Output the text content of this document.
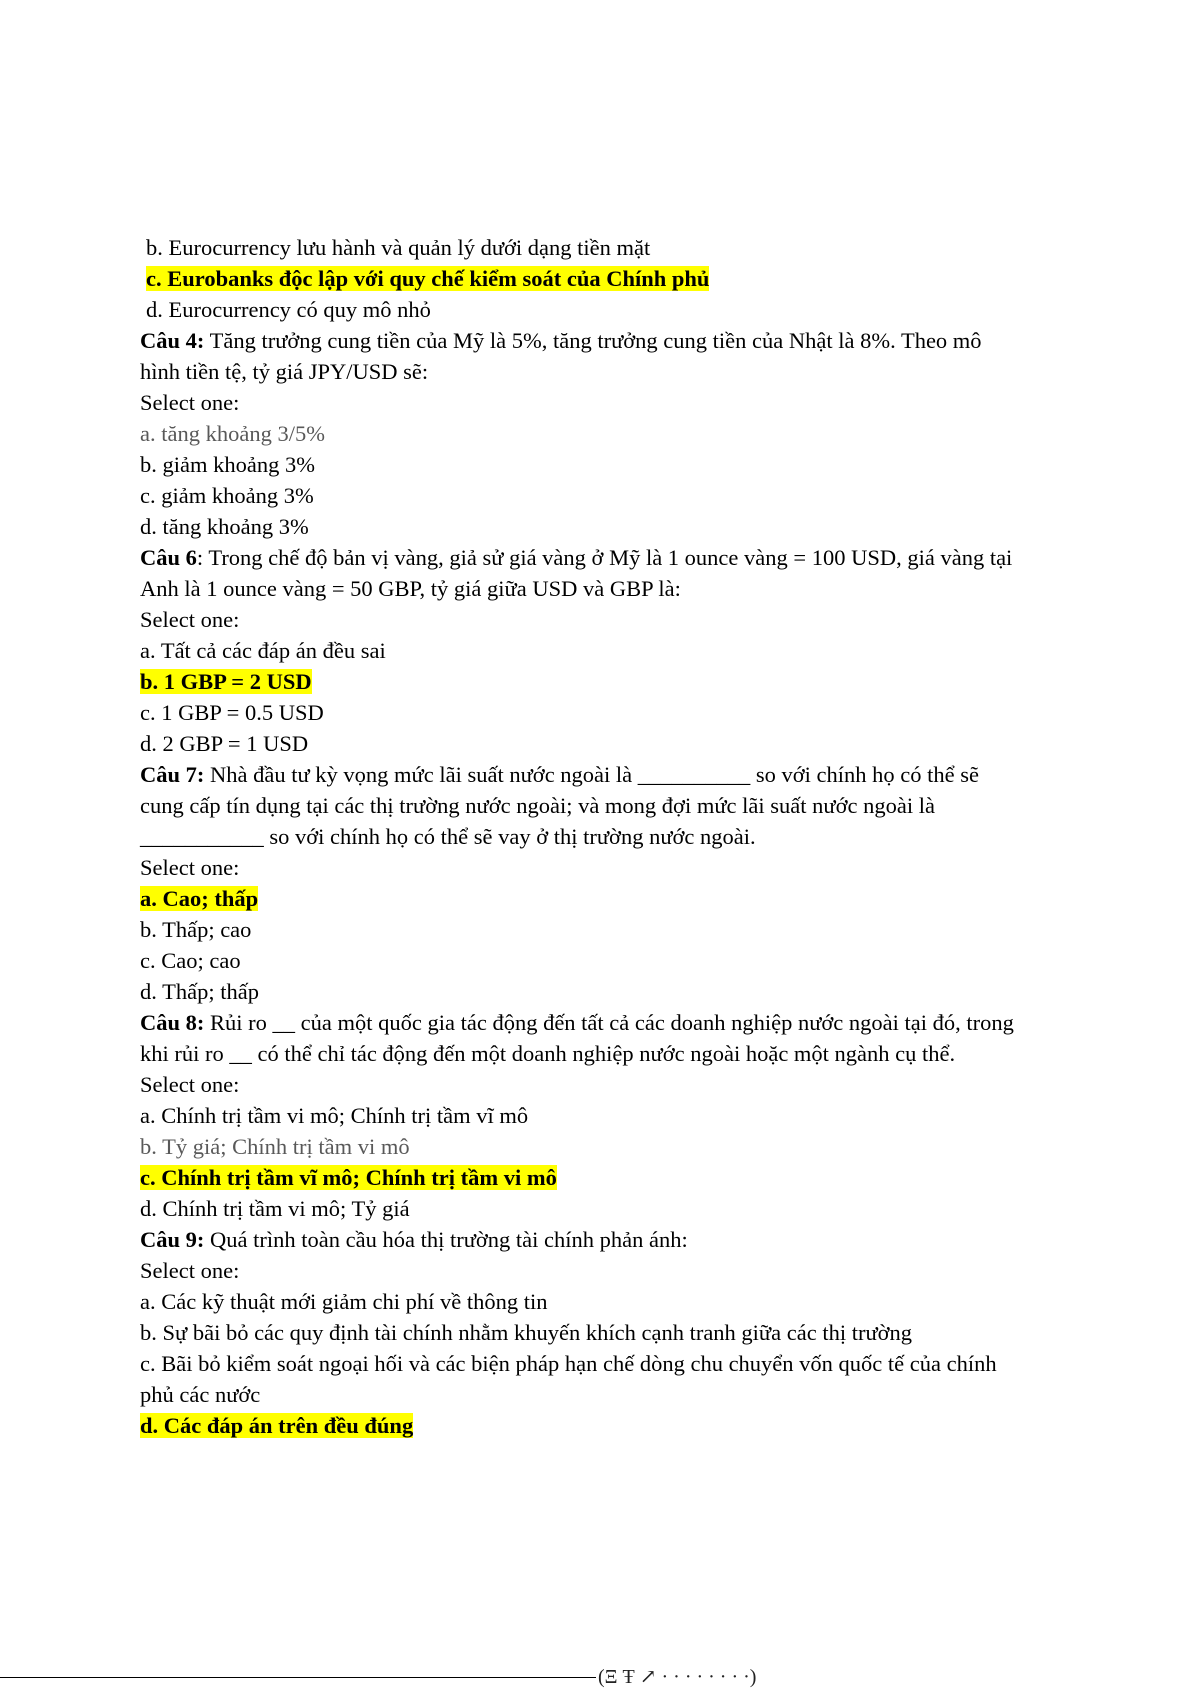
b. Eurocurrency lưu hành và quản lý dưới dạng tiền mặt
c. Eurobanks độc lập với quy chế kiểm soát của Chính phủ
d. Eurocurrency có quy mô nhỏ
Câu 4: Tăng trưởng cung tiền của Mỹ là 5%, tăng trưởng cung tiền của Nhật là 8%. Theo mô
hình tiền tệ, tỷ giá JPY/USD sẽ:
Select one:
a. tăng khoảng 3/5%
b. giảm khoảng 3%
c. giảm khoảng 3%
d. tăng khoảng 3%
Câu 6: Trong chế độ bản vị vàng, giả sử giá vàng ở Mỹ là 1 ounce vàng = 100 USD, giá vàng tại
Anh là 1 ounce vàng = 50 GBP, tỷ giá giữa USD và GBP là:
Select one:
a. Tất cả các đáp án đều sai
b. 1 GBP = 2 USD
c. 1 GBP = 0.5 USD
d. 2 GBP = 1 USD
Câu 7: Nhà đầu tư kỳ vọng mức lãi suất nước ngoài là __________ so với chính họ có thể sẽ
cung cấp tín dụng tại các thị trường nước ngoài; và mong đợi mức lãi suất nước ngoài là
___________ so với chính họ có thể sẽ vay ở thị trường nước ngoài.
Select one:
a. Cao; thấp
b. Thấp; cao
c. Cao; cao
d. Thấp; thấp
Câu 8: Rủi ro __ của một quốc gia tác động đến tất cả các doanh nghiệp nước ngoài tại đó, trong
khi rủi ro __ có thể chỉ tác động đến một doanh nghiệp nước ngoài hoặc một ngành cụ thể.
Select one:
a. Chính trị tầm vi mô; Chính trị tầm vĩ mô
b. Tỷ giá; Chính trị tầm vi mô
c. Chính trị tầm vĩ mô; Chính trị tầm vi mô
d. Chính trị tầm vi mô; Tỷ giá
Câu 9: Quá trình toàn cầu hóa thị trường tài chính phản ánh:
Select one:
a. Các kỹ thuật mới giảm chi phí về thông tin
b. Sự bãi bỏ các quy định tài chính nhằm khuyến khích cạnh tranh giữa các thị trường
c. Bãi bỏ kiểm soát ngoại hối và các biện pháp hạn chế dòng chu chuyển vốn quốc tế của chính
phủ các nước
d. Các đáp án trên đều đúng
(Ξ Ŧ ↗ · · · · · · · ·)
